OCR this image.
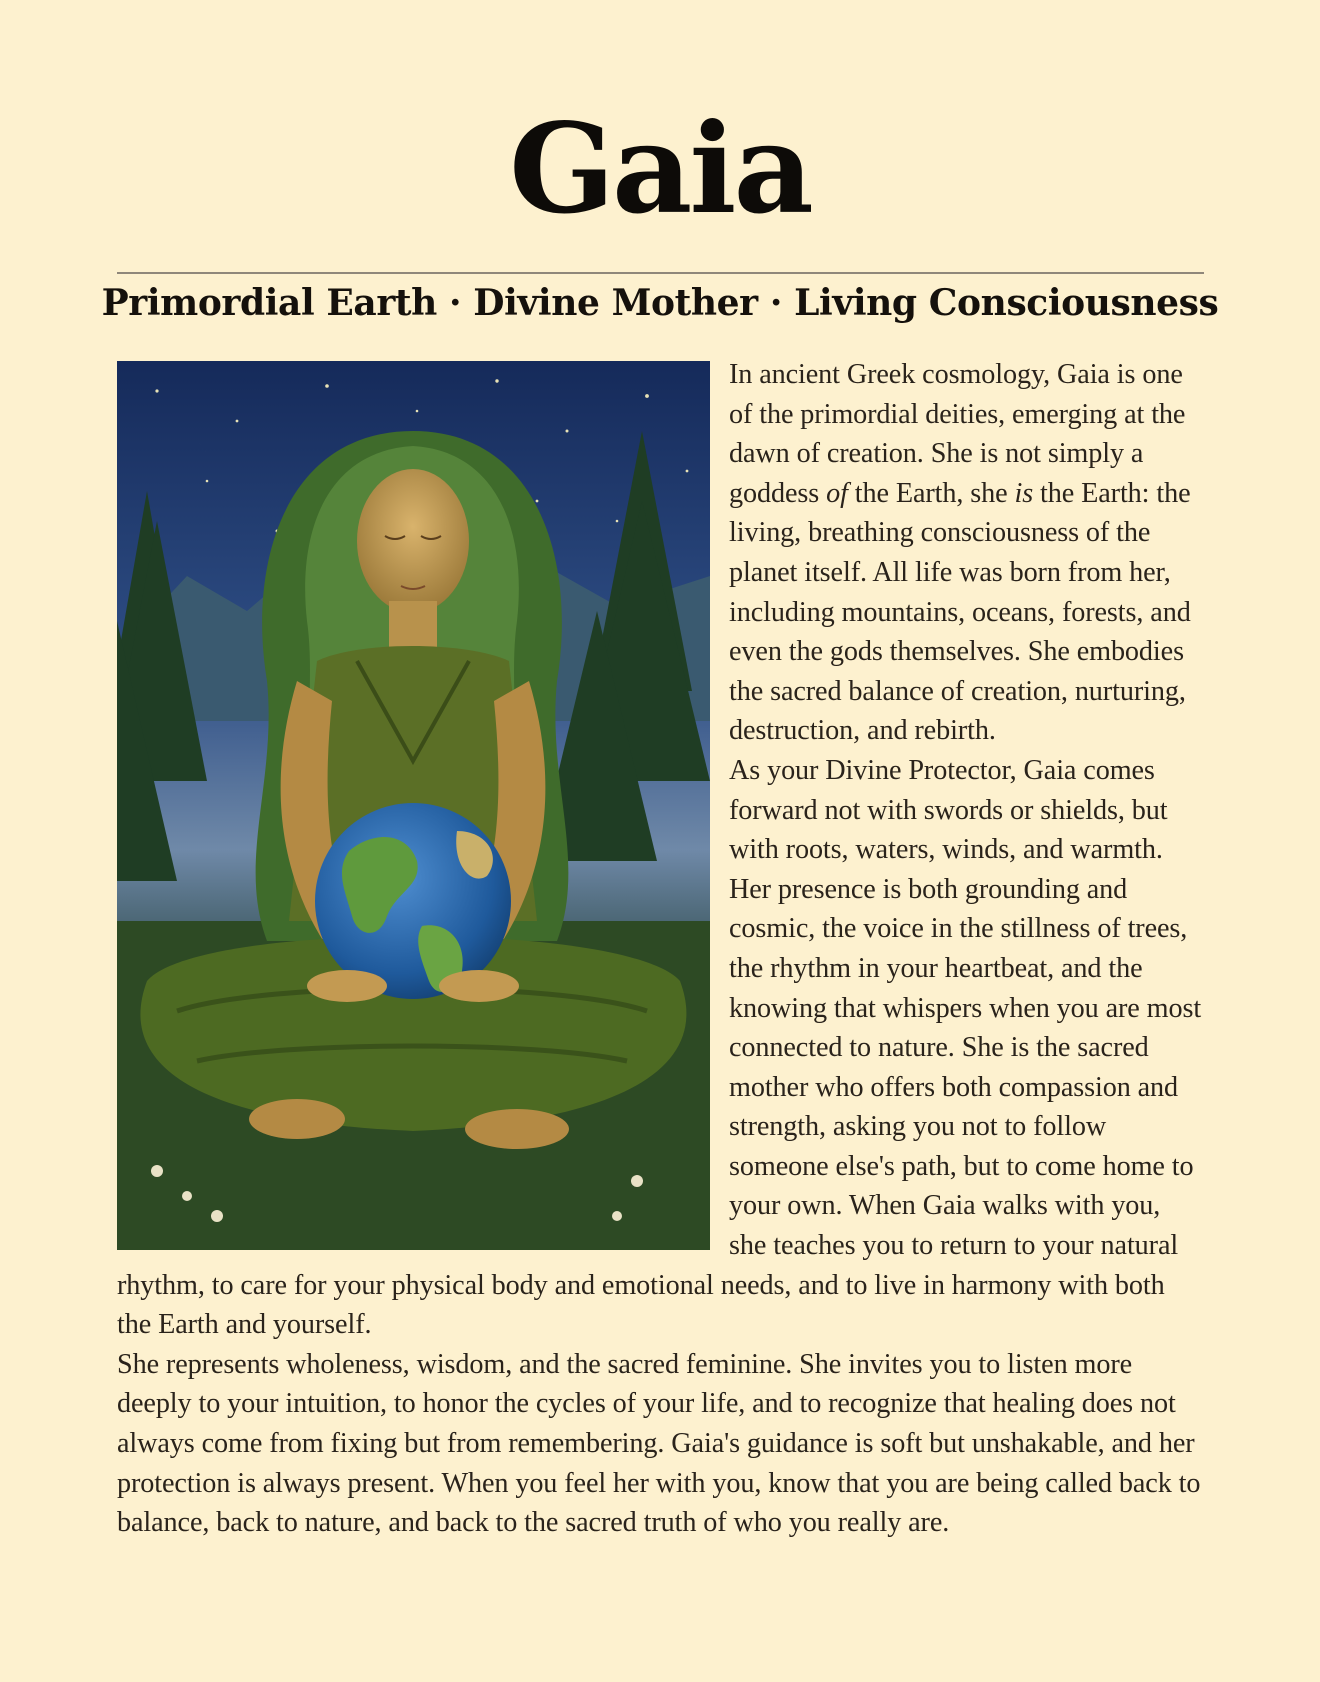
Gaia
Primordial Earth · Divine Mother · Living Consciousness

In ancient Greek cosmology, Gaia is one of the primordial deities, emerging at the dawn of creation. She is not simply a goddess of the Earth, she is the Earth: the living, breathing consciousness of the planet itself. All life was born from her, including mountains, oceans, forests, and even the gods themselves. She embodies the sacred balance of creation, nurturing, destruction, and rebirth.

As your Divine Protector, Gaia comes forward not with swords or shields, but with roots, waters, winds, and warmth. Her presence is both grounding and cosmic, the voice in the stillness of trees, the rhythm in your heartbeat, and the knowing that whispers when you are most connected to nature. She is the sacred mother who offers both compassion and strength, asking you not to follow someone else's path, but to come home to your own. When Gaia walks with you, she teaches you to return to your natural rhythm, to care for your physical body and emotional needs, and to live in harmony with both the Earth and yourself.

She represents wholeness, wisdom, and the sacred feminine. She invites you to listen more deeply to your intuition, to honor the cycles of your life, and to recognize that healing does not always come from fixing but from remembering. Gaia's guidance is soft but unshakable, and her protection is always present. When you feel her with you, know that you are being called back to balance, back to nature, and back to the sacred truth of who you really are.
